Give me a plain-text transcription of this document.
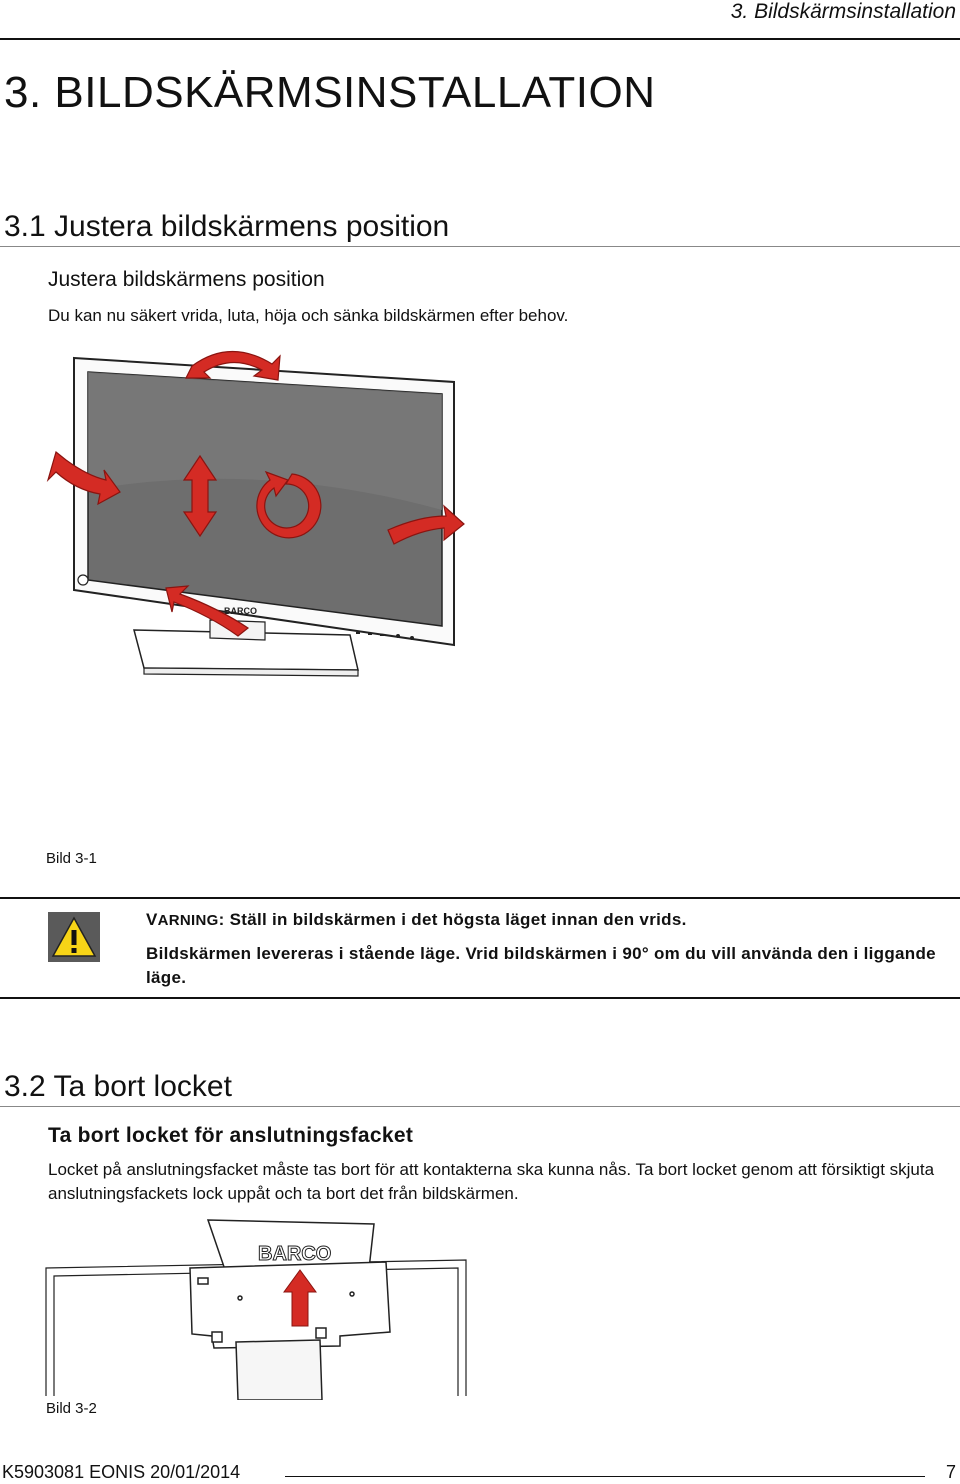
3. Bildskärmsinstallation
3. BILDSKÄRMSINSTALLATION
3.1 Justera bildskärmens position
Justera bildskärmens position
Du kan nu säkert vrida, luta, höja och sänka bildskärmen efter behov.
BARCO
Bild 3-1
VARNING: Ställ in bildskärmen i det högsta läget innan den vrids.
Bildskärmen levereras i stående läge. Vrid bildskärmen i 90° om du vill använda den i liggande läge.
3.2 Ta bort locket
Ta bort locket för anslutningsfacket
Locket på anslutningsfacket måste tas bort för att kontakterna ska kunna nås. Ta bort locket genom att försiktigt skjuta anslutningsfackets lock uppåt och ta bort det från bildskärmen.
BARCO
Bild 3-2
K5903081 EONIS 20/01/2014	7
